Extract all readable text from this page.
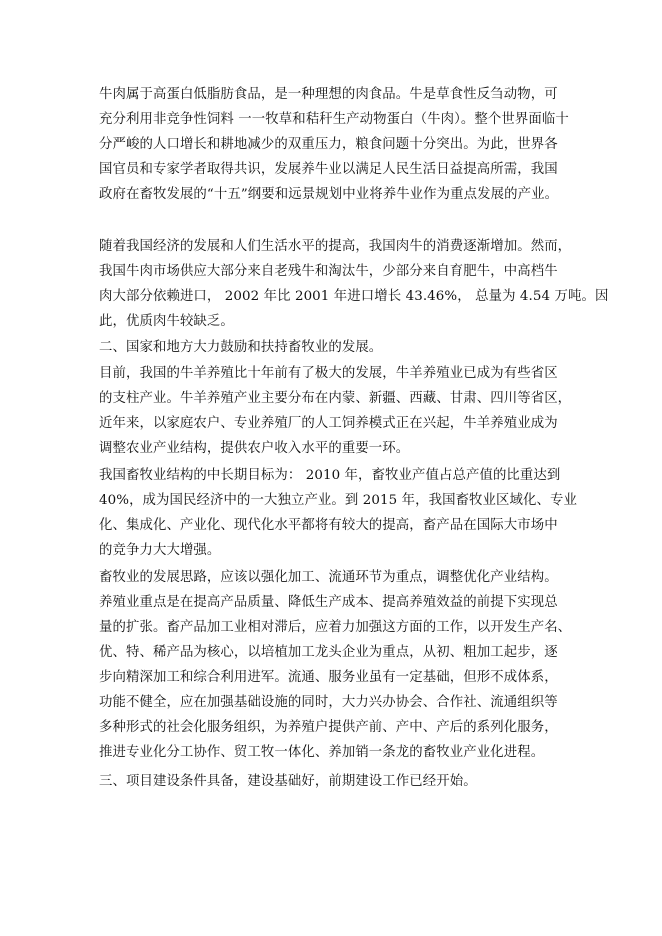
牛肉属于高蛋白低脂肪食品，是一种理想的肉食品。牛是草食性反刍动物，可
充分利用非竞争性饲料 一一牧草和秸秆生产动物蛋白（牛肉）。整个世界面临十
分严峻的人口增长和耕地减少的双重压力，粮食问题十分突出。为此，世界各
国官员和专家学者取得共识，发展养牛业以满足人民生活日益提高所需，我国
政府在畜牧发展的“十五”纲要和远景规划中业将养牛业作为重点发展的产业。
随着我国经济的发展和人们生活水平的提高，我国肉牛的消费逐渐增加。然而，
我国牛肉市场供应大部分来自老残牛和淘汰牛，少部分来自育肥牛，中高档牛
肉大部分依赖进口， 2002 年比 2001 年进口增长 43.46%， 总量为 4.54 万吨。因
此，优质肉牛较缺乏。
二、国家和地方大力鼓励和扶持畜牧业的发展。
目前，我国的牛羊养殖比十年前有了极大的发展，牛羊养殖业已成为有些省区
的支柱产业。牛羊养殖产业主要分布在内蒙、新疆、西藏、甘肃、四川等省区，
近年来，以家庭农户、专业养殖厂的人工饲养模式正在兴起，牛羊养殖业成为
调整农业产业结构，提供农户收入水平的重要一环。
我国畜牧业结构的中长期目标为： 2010 年，畜牧业产值占总产值的比重达到
40%，成为国民经济中的一大独立产业。到 2015 年，我国畜牧业区域化、专业
化、集成化、产业化、现代化水平都将有较大的提高，畜产品在国际大市场中
的竞争力大大增强。
畜牧业的发展思路，应该以强化加工、流通环节为重点，调整优化产业结构。
养殖业重点是在提高产品质量、降低生产成本、提高养殖效益的前提下实现总
量的扩张。畜产品加工业相对滞后，应着力加强这方面的工作，以开发生产名、
优、特、稀产品为核心，以培植加工龙头企业为重点，从初、粗加工起步，逐
步向精深加工和综合利用进军。流通、服务业虽有一定基础，但形不成体系，
功能不健全，应在加强基础设施的同时，大力兴办协会、合作社、流通组织等
多种形式的社会化服务组织，为养殖户提供产前、产中、产后的系列化服务，
推进专业化分工协作、贸工牧一体化、养加销一条龙的畜牧业产业化进程。
三、项目建设条件具备，建设基础好，前期建设工作已经开始。
